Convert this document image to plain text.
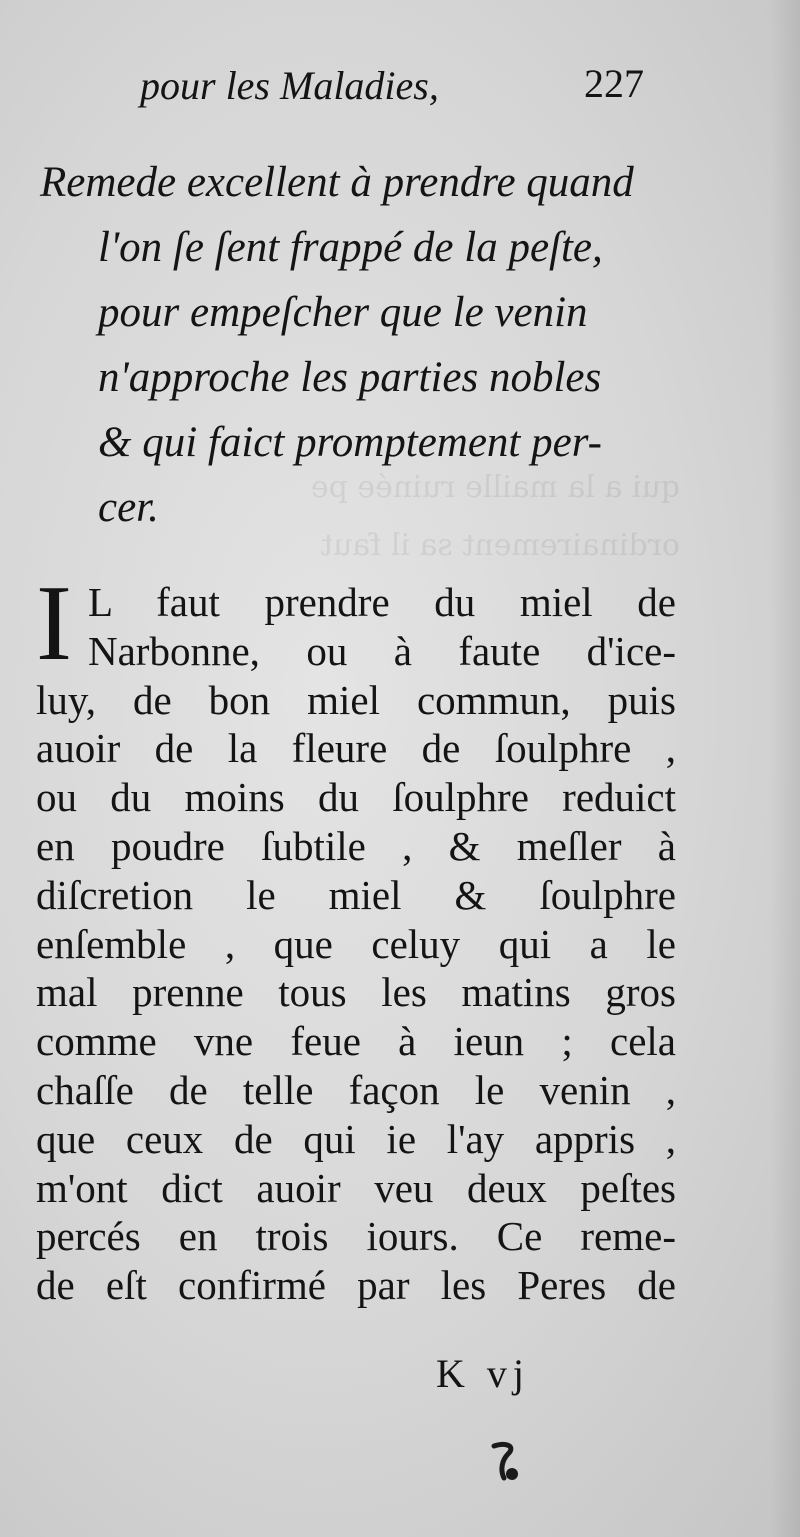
qui a la maille ruinée pe
ordinairement sa il faut
pour les Maladies,	227
Remede excellent à prendre quand
l'on ſe ſent frappé de la peſte,
pour empeſcher que le venin
n'approche les parties nobles
& qui faict promptement per-
cer.
I L faut prendre du miel de
Narbonne, ou à faute d'ice-
luy, de bon miel commun, puis
auoir de la fleure de ſoulphre ,
ou du moins du ſoulphre reduict
en poudre ſubtile , & meſler à
diſcretion le miel & ſoulphre
enſemble , que celuy qui a le
mal prenne tous les matins gros
comme vne feue à ieun ; cela
chaſſe de telle façon le venin ,
que ceux de qui ie l'ay appris ,
m'ont dict auoir veu deux peſtes
percés en trois iours. Ce reme-
de eſt confirmé par les Peres de
K vj
